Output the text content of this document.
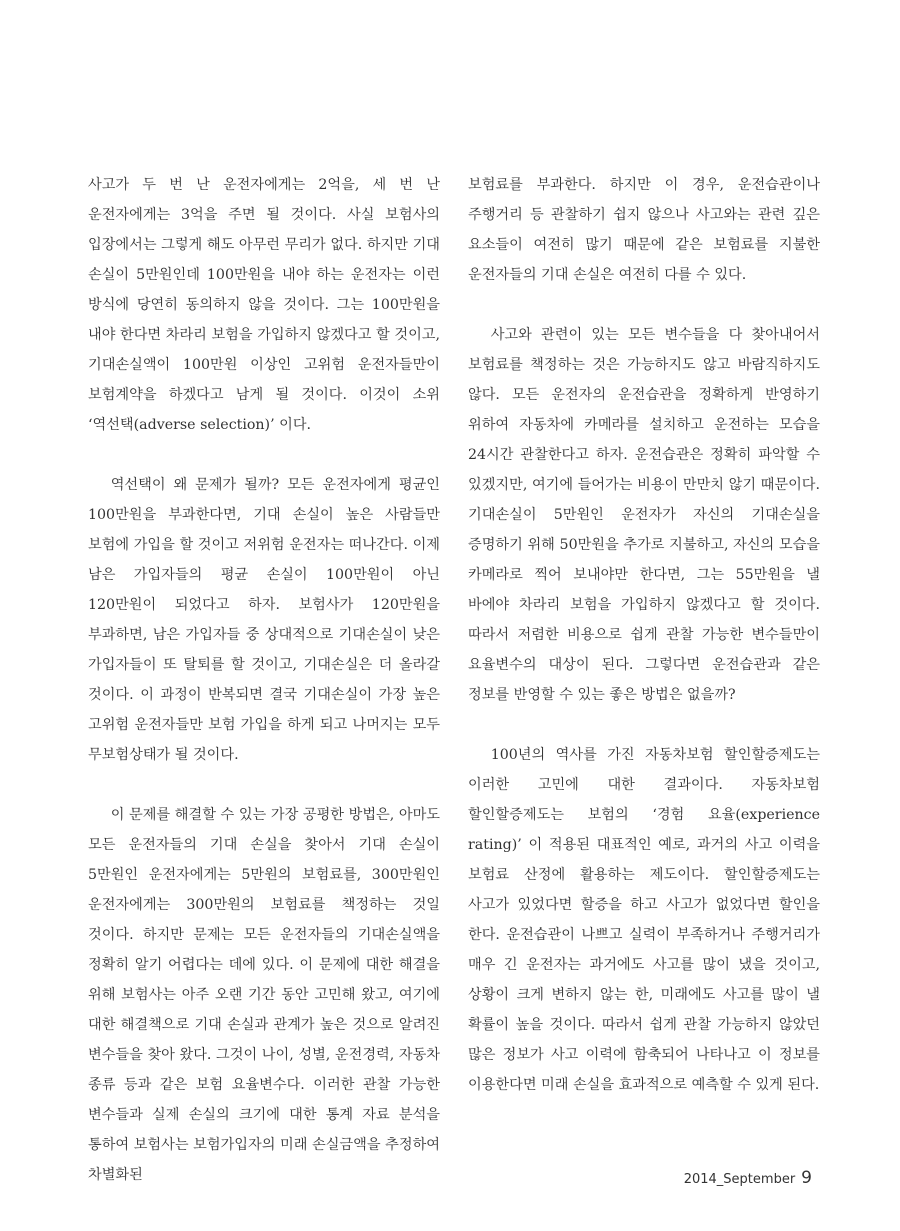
사고가 두 번 난 운전자에게는 2억을, 세 번 난 운전자에게는 3억을 주면 될 것이다. 사실 보험사의 입장에서는 그렇게 해도 아무런 무리가 없다. 하지만 기대 손실이 5만원인데 100만원을 내야 하는 운전자는 이런 방식에 당연히 동의하지 않을 것이다. 그는 100만원을 내야 한다면 차라리 보험을 가입하지 않겠다고 할 것이고, 기대손실액이 100만원 이상인 고위험 운전자들만이 보험계약을 하겠다고 남게 될 것이다. 이것이 소위 ‘역선택(adverse selection)’ 이다.

역선택이 왜 문제가 될까? 모든 운전자에게 평균인 100만원을 부과한다면, 기대 손실이 높은 사람들만 보험에 가입을 할 것이고 저위험 운전자는 떠나간다. 이제 남은 가입자들의 평균 손실이 100만원이 아닌 120만원이 되었다고 하자. 보험사가 120만원을 부과하면, 남은 가입자들 중 상대적으로 기대손실이 낮은 가입자들이 또 탈퇴를 할 것이고, 기대손실은 더 올라갈 것이다. 이 과정이 반복되면 결국 기대손실이 가장 높은 고위험 운전자들만 보험 가입을 하게 되고 나머지는 모두 무보험상태가 될 것이다.

이 문제를 해결할 수 있는 가장 공평한 방법은, 아마도 모든 운전자들의 기대 손실을 찾아서 기대 손실이 5만원인 운전자에게는 5만원의 보험료를, 300만원인 운전자에게는 300만원의 보험료를 책정하는 것일 것이다. 하지만 문제는 모든 운전자들의 기대손실액을 정확히 알기 어렵다는 데에 있다. 이 문제에 대한 해결을 위해 보험사는 아주 오랜 기간 동안 고민해 왔고, 여기에 대한 해결책으로 기대 손실과 관계가 높은 것으로 알려진 변수들을 찾아 왔다. 그것이 나이, 성별, 운전경력, 자동차 종류 등과 같은 보험 요율변수다. 이러한 관찰 가능한 변수들과 실제 손실의 크기에 대한 통계 자료 분석을 통하여 보험사는 보험가입자의 미래 손실금액을 추정하여 차별화된

보험료를 부과한다. 하지만 이 경우, 운전습관이나 주행거리 등 관찰하기 쉽지 않으나 사고와는 관련 깊은 요소들이 여전히 많기 때문에 같은 보험료를 지불한 운전자들의 기대 손실은 여전히 다를 수 있다.

사고와 관련이 있는 모든 변수들을 다 찾아내어서 보험료를 책정하는 것은 가능하지도 않고 바람직하지도 않다. 모든 운전자의 운전습관을 정확하게 반영하기 위하여 자동차에 카메라를 설치하고 운전하는 모습을 24시간 관찰한다고 하자. 운전습관은 정확히 파악할 수 있겠지만, 여기에 들어가는 비용이 만만치 않기 때문이다. 기대손실이 5만원인 운전자가 자신의 기대손실을 증명하기 위해 50만원을 추가로 지불하고, 자신의 모습을 카메라로 찍어 보내야만 한다면, 그는 55만원을 낼 바에야 차라리 보험을 가입하지 않겠다고 할 것이다. 따라서 저렴한 비용으로 쉽게 관찰 가능한 변수들만이 요율변수의 대상이 된다. 그렇다면 운전습관과 같은 정보를 반영할 수 있는 좋은 방법은 없을까?

100년의 역사를 가진 자동차보험 할인할증제도는 이러한 고민에 대한 결과이다. 자동차보험 할인할증제도는 보험의 ‘경험 요율(experience rating)’ 이 적용된 대표적인 예로, 과거의 사고 이력을 보험료 산정에 활용하는 제도이다. 할인할증제도는 사고가 있었다면 할증을 하고 사고가 없었다면 할인을 한다. 운전습관이 나쁘고 실력이 부족하거나 주행거리가 매우 긴 운전자는 과거에도 사고를 많이 냈을 것이고, 상황이 크게 변하지 않는 한, 미래에도 사고를 많이 낼 확률이 높을 것이다. 따라서 쉽게 관찰 가능하지 않았던 많은 정보가 사고 이력에 함축되어 나타나고 이 정보를 이용한다면 미래 손실을 효과적으로 예측할 수 있게 된다.

2014_September 9
